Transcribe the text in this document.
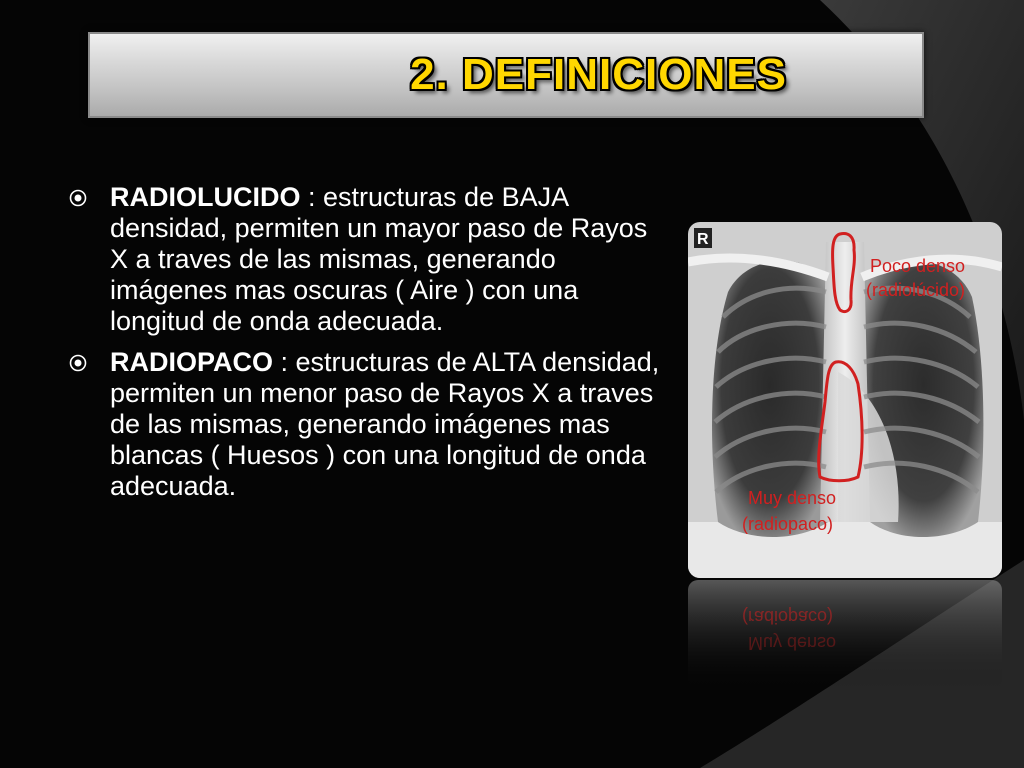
2. DEFINICIONES
RADIOLUCIDO : estructuras de BAJA densidad, permiten un mayor paso de Rayos X a traves de las mismas, generando imágenes mas oscuras ( Aire ) con una longitud de onda adecuada.
RADIOPACO : estructuras de ALTA densidad, permiten un menor paso de Rayos X a traves de las mismas, generando imágenes mas blancas ( Huesos ) con una longitud de onda adecuada.
R
Poco denso
(radiolúcido)
Muy denso
(radiopaco)
(radiopaco)
Muy denso
